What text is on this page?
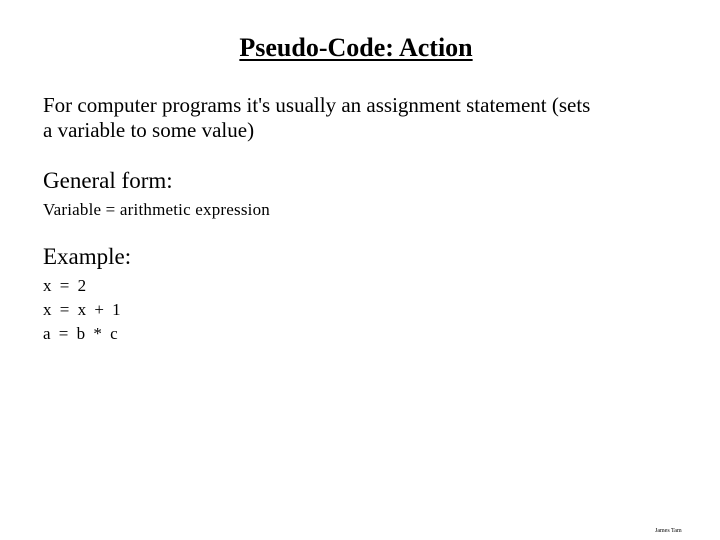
Pseudo-Code: Action
For computer programs it's usually an assignment statement (sets
a variable to some value)
General form:
Variable = arithmetic expression
Example:
x = 2
x = x + 1
a = b * c
James Tam
